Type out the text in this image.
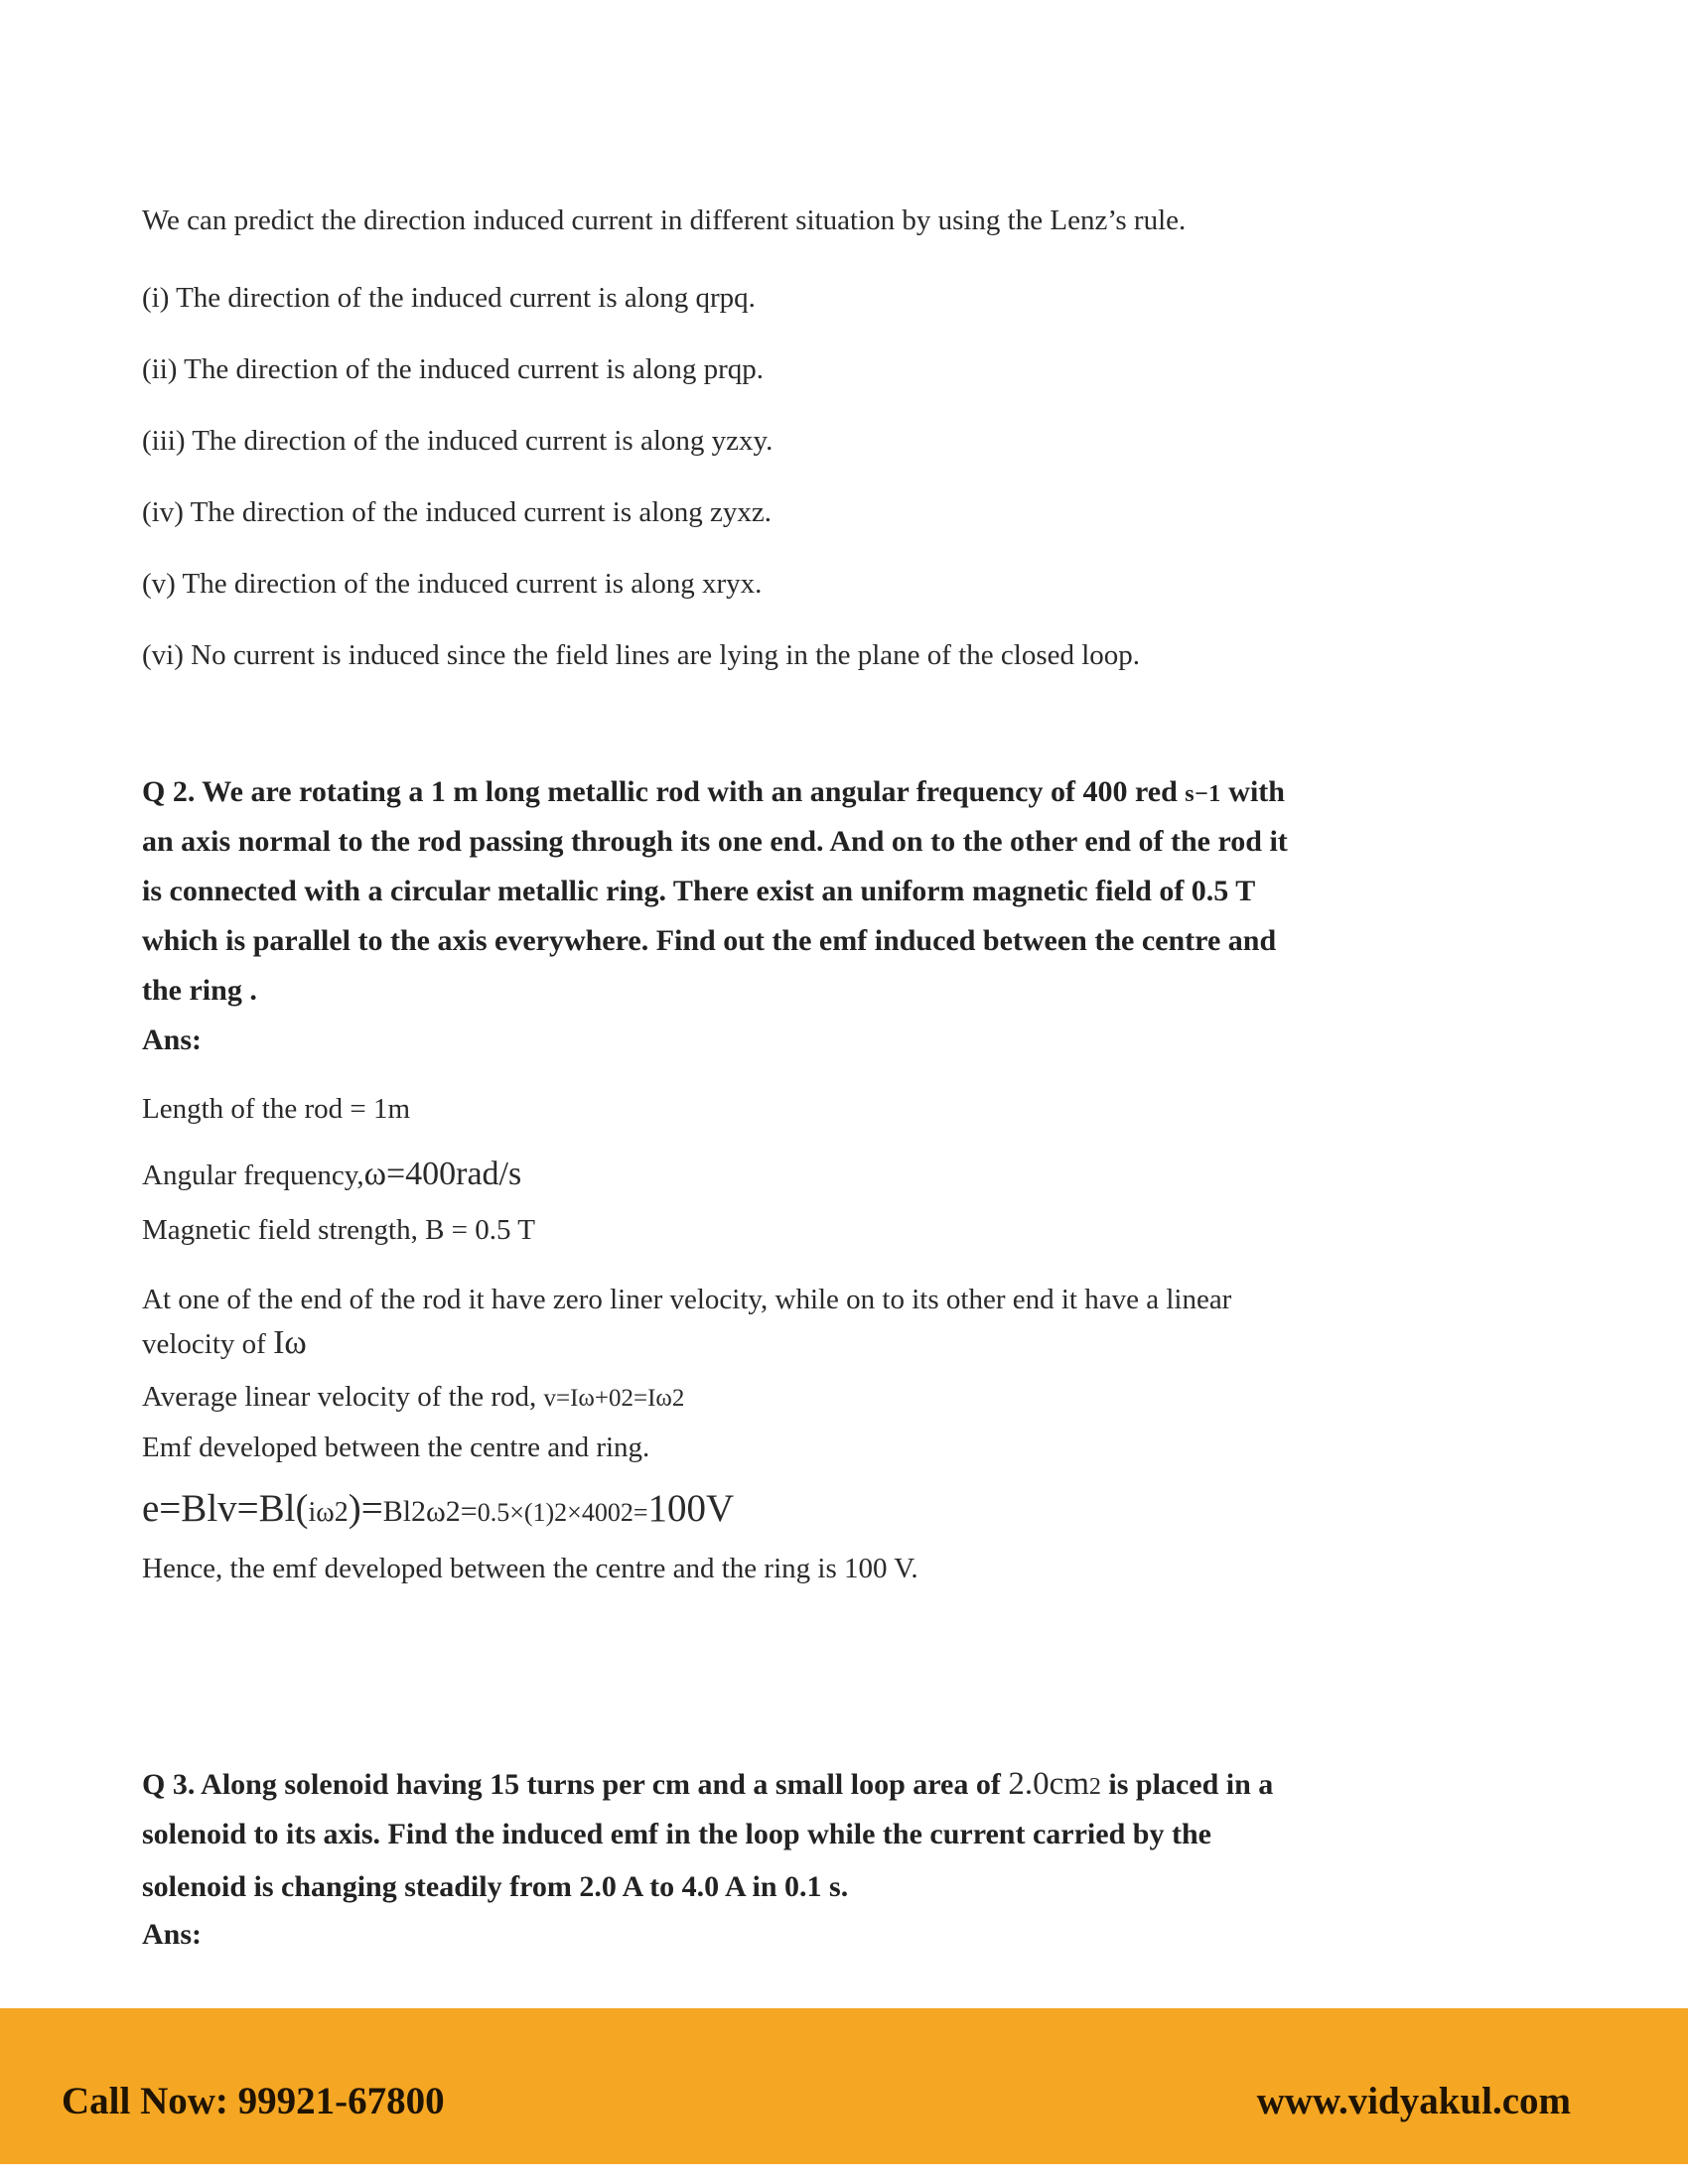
We can predict the direction induced current in different situation by using the Lenz’s rule.
(i) The direction of the induced current is along qrpq.
(ii) The direction of the induced current is along prqp.
(iii) The direction of the induced current is along yzxy.
(iv) The direction of the induced current is along zyxz.
(v) The direction of the induced current is along xryx.
(vi) No current is induced since the field lines are lying in the plane of the closed loop.
Q 2. We are rotating a 1 m long metallic rod with an angular frequency of 400 red s−1 with
an axis normal to the rod passing through its one end. And on to the other end of the rod it
is connected with a circular metallic ring. There exist an uniform magnetic field of 0.5 T
which is parallel to the axis everywhere. Find out the emf induced between the centre and
the ring .
Ans:
Length of the rod = 1m
Angular frequency,ω=400rad/s
Magnetic field strength, B = 0.5 T
At one of the end of the rod it have zero liner velocity, while on to its other end it have a linear
velocity of Iω
Average linear velocity of the rod, v=Iω+02=Iω2
Emf developed between the centre and ring.
e=Blv=Bl(iω2)=Bl2ω2=0.5×(1)2×4002=100V
Hence, the emf developed between the centre and the ring is 100 V.
Q 3. Along solenoid having 15 turns per cm and a small loop area of 2.0cm2 is placed in a
solenoid to its axis. Find the induced emf in the loop while the current carried by the
solenoid is changing steadily from 2.0 A to 4.0 A in 0.1 s.
Ans:
Call Now: 99921-67800	www.vidyakul.com
